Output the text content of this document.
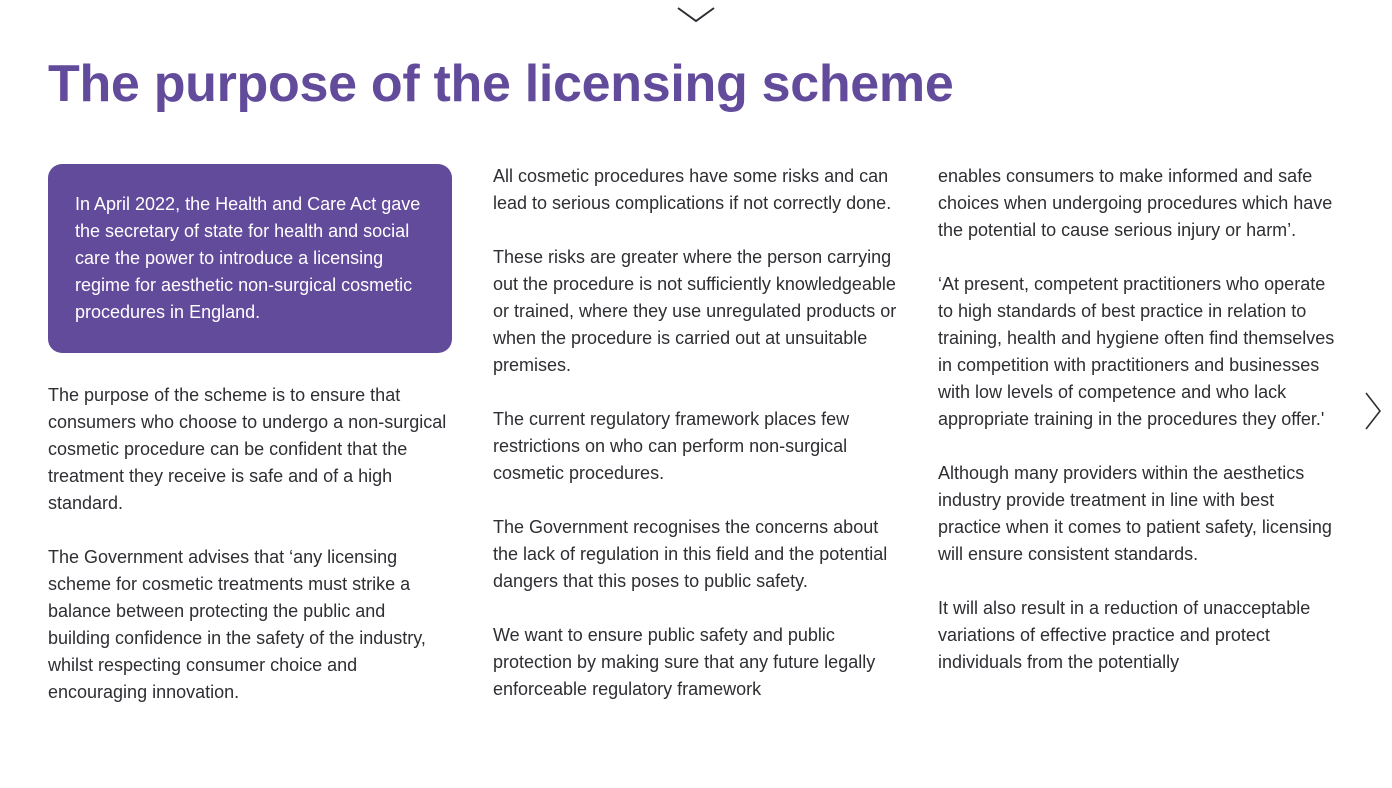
The purpose of the licensing scheme
In April 2022, the Health and Care Act gave the secretary of state for health and social care the power to introduce a licensing regime for aesthetic non-surgical cosmetic procedures in England.

The purpose of the scheme is to ensure that consumers who choose to undergo a non-surgical cosmetic procedure can be confident that the treatment they receive is safe and of a high standard.

The Government advises that ‘any licensing scheme for cosmetic treatments must strike a balance between protecting the public and building confidence in the safety of the industry, whilst respecting consumer choice and encouraging innovation.

All cosmetic procedures have some risks and can lead to serious complications if not correctly done.

These risks are greater where the person carrying out the procedure is not sufficiently knowledgeable or trained, where they use unregulated products or when the procedure is carried out at unsuitable premises.

The current regulatory framework places few restrictions on who can perform non-surgical cosmetic procedures.

The Government recognises the concerns about the lack of regulation in this field and the potential dangers that this poses to public safety.

We want to ensure public safety and public protection by making sure that any future legally enforceable regulatory framework

enables consumers to make informed and safe choices when undergoing procedures which have the potential to cause serious injury or harm’.

‘At present, competent practitioners who operate to high standards of best practice in relation to training, health and hygiene often find themselves in competition with practitioners and businesses with low levels of competence and who lack appropriate training in the procedures they offer.'

Although many providers within the aesthetics industry provide treatment in line with best practice when it comes to patient safety, licensing will ensure consistent standards.

It will also result in a reduction of unacceptable variations of effective practice and protect individuals from the potentially
